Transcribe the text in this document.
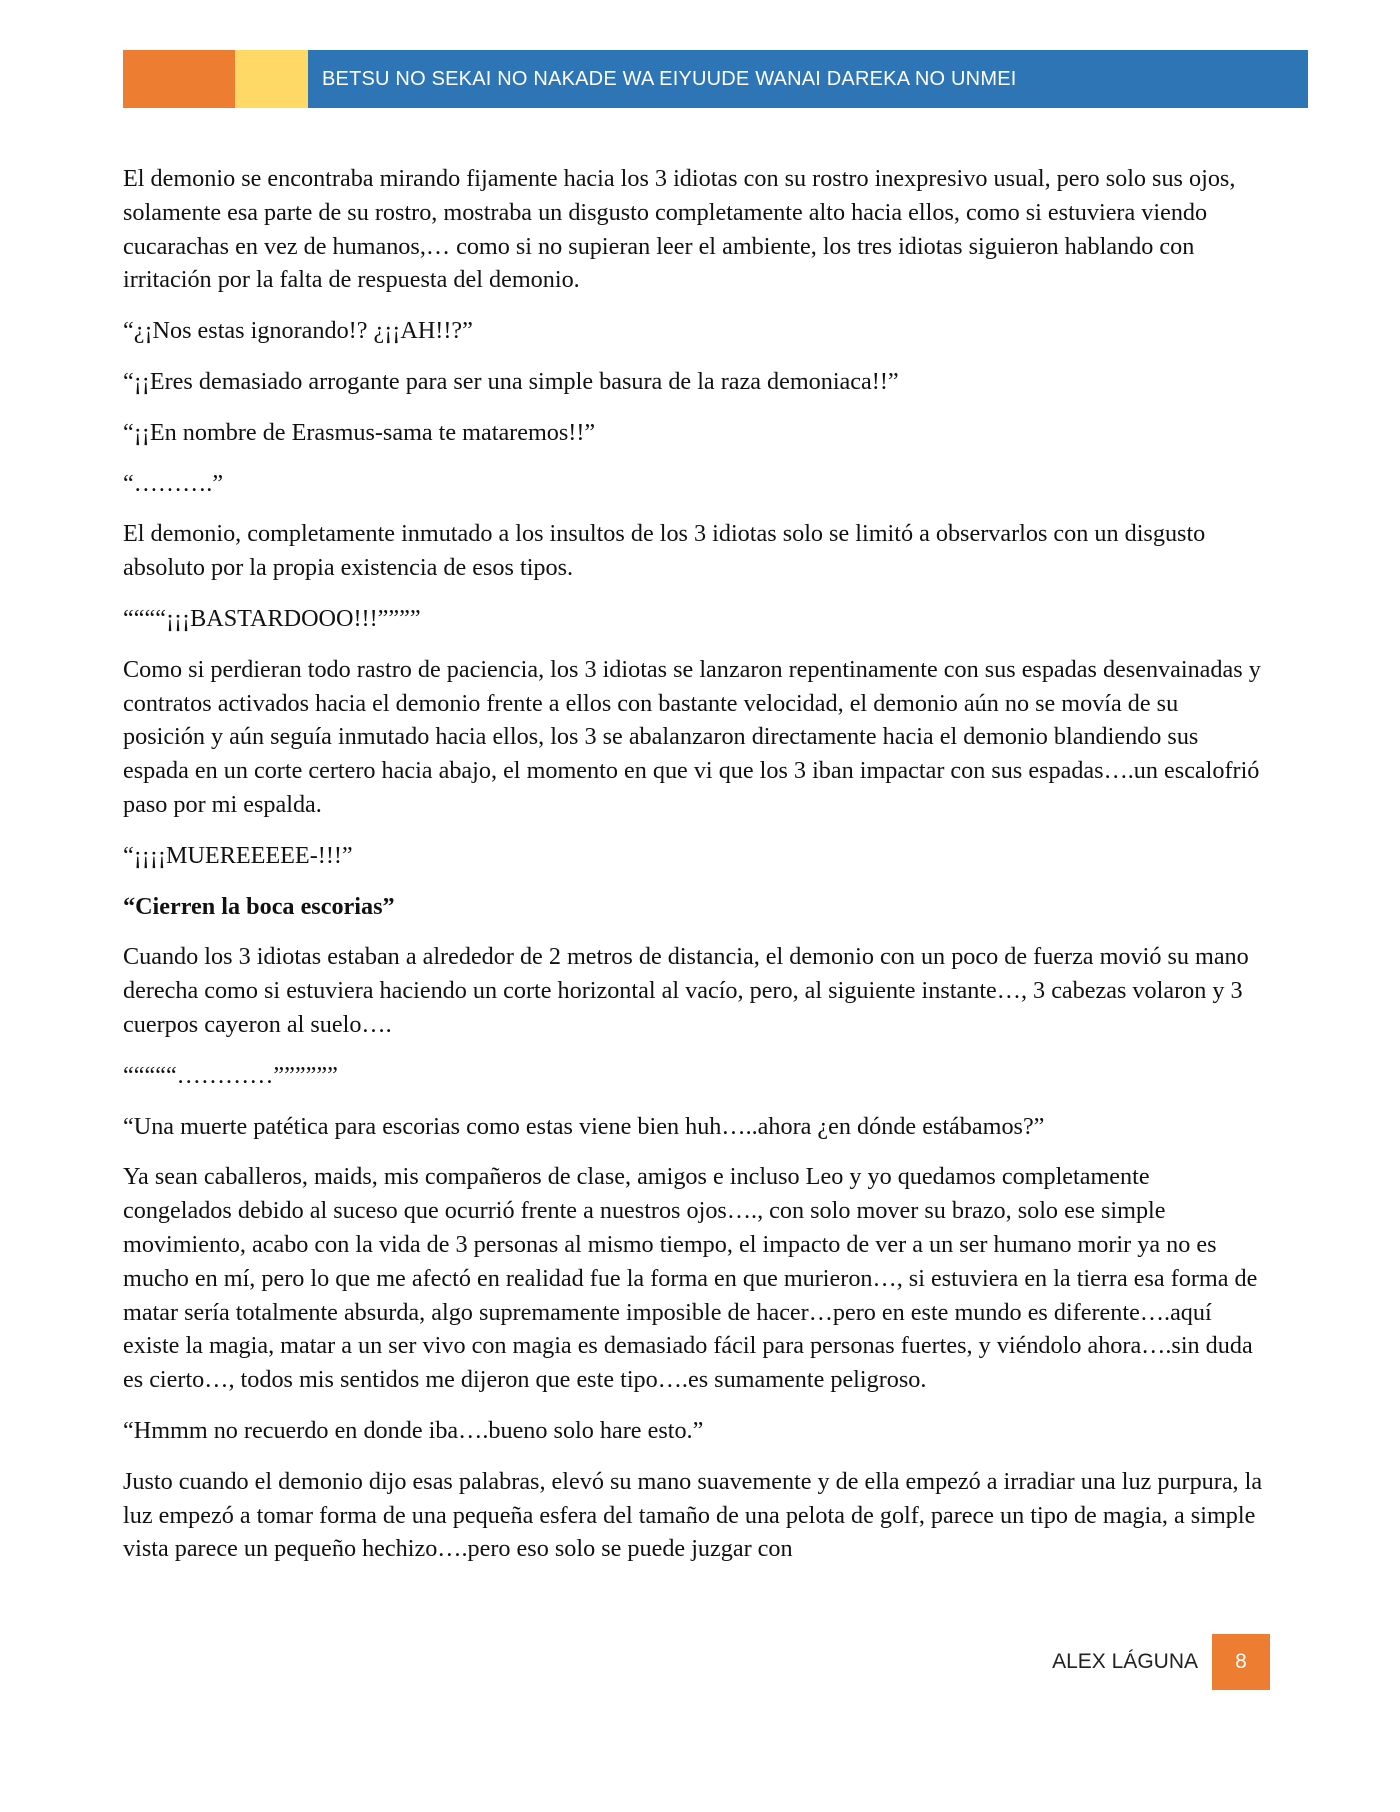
BETSU NO SEKAI NO NAKADE WA EIYUUDE WANAI DAREKA NO UNMEI

El demonio se encontraba mirando fijamente hacia los 3 idiotas con su rostro inexpresivo usual, pero solo sus ojos, solamente esa parte de su rostro, mostraba un disgusto completamente alto hacia ellos, como si estuviera viendo cucarachas en vez de humanos,… como si no supieran leer el ambiente, los tres idiotas siguieron hablando con irritación por la falta de respuesta del demonio.

“¿¡Nos estas ignorando!? ¿¡¡AH!!?”

“¡¡Eres demasiado arrogante para ser una simple basura de la raza demoniaca!!”

“¡¡En nombre de Erasmus-sama te mataremos!!”

“……….”

El demonio, completamente inmutado a los insultos de los 3 idiotas solo se limitó a observarlos con un disgusto absoluto por la propia existencia de esos tipos.

““““¡¡¡BASTARDOOO!!!””””

Como si perdieran todo rastro de paciencia, los 3 idiotas se lanzaron repentinamente con sus espadas desenvainadas y contratos activados hacia el demonio frente a ellos con bastante velocidad, el demonio aún no se movía de su posición y aún seguía inmutado hacia ellos, los 3 se abalanzaron directamente hacia el demonio blandiendo sus espada en un corte certero hacia abajo, el momento en que vi que los 3 iban impactar con sus espadas….un escalofrió paso por mi espalda.

“¡¡¡¡MUEREEEEE-!!!”

“Cierren la boca escorias”

Cuando los 3 idiotas estaban a alrededor de 2 metros de distancia, el demonio con un poco de fuerza movió su mano derecha como si estuviera haciendo un corte horizontal al vacío, pero, al siguiente instante…, 3 cabezas volaron y 3 cuerpos cayeron al suelo….

“““““…………””””””

“Una muerte patética para escorias como estas viene bien huh…..ahora ¿en dónde estábamos?”

Ya sean caballeros, maids, mis compañeros de clase, amigos e incluso Leo y yo quedamos completamente congelados debido al suceso que ocurrió frente a nuestros ojos…., con solo mover su brazo, solo ese simple movimiento, acabo con la vida de 3 personas al mismo tiempo, el impacto de ver a un ser humano morir ya no es mucho en mí, pero lo que me afectó en realidad fue la forma en que murieron…, si estuviera en la tierra esa forma de matar sería totalmente absurda, algo supremamente imposible de hacer…pero en este mundo es diferente….aquí existe la magia, matar a un ser vivo con magia es demasiado fácil para personas fuertes, y viéndolo ahora….sin duda es cierto…, todos mis sentidos me dijeron que este tipo….es sumamente peligroso.

“Hmmm no recuerdo en donde iba….bueno solo hare esto.”

Justo cuando el demonio dijo esas palabras, elevó su mano suavemente y de ella empezó a irradiar una luz purpura, la luz empezó a tomar forma de una pequeña esfera del tamaño de una pelota de golf, parece un tipo de magia, a simple vista parece un pequeño hechizo….pero eso solo se puede juzgar con

ALEX LÁGUNA 8
